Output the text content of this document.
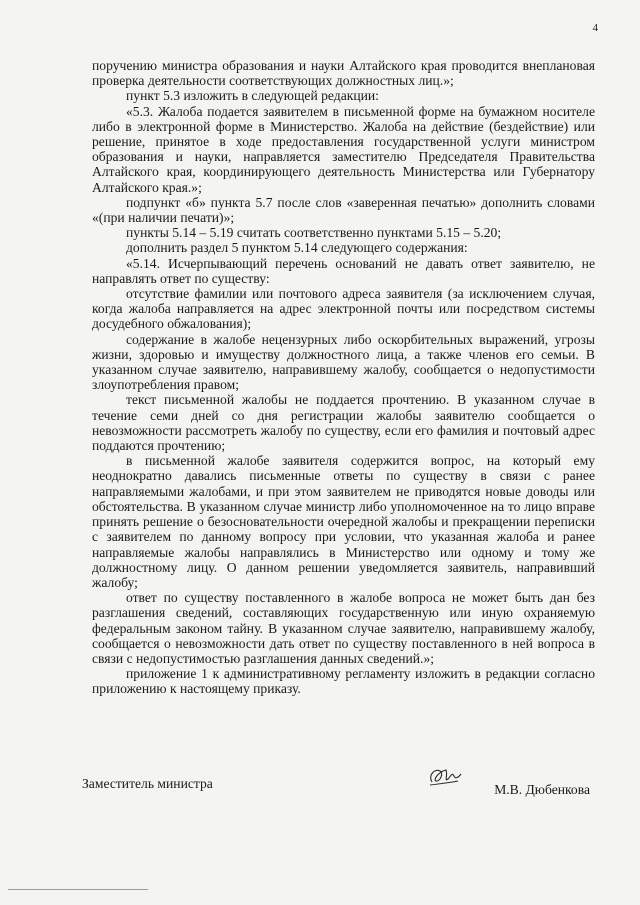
4

поручению министра образования и науки Алтайского края проводится внеплановая проверка деятельности соответствующих должностных лиц.»;

пункт 5.3 изложить в следующей редакции:

«5.3. Жалоба подается заявителем в письменной форме на бумажном носителе либо в электронной форме в Министерство. Жалоба на действие (бездействие) или решение, принятое в ходе предоставления государственной услуги министром образования и науки, направляется заместителю Председателя Правительства Алтайского края, координирующего деятельность Министерства или Губернатору Алтайского края.»;

подпункт «б» пункта 5.7 после слов «заверенная печатью» дополнить словами «(при наличии печати)»;

пункты 5.14 – 5.19 считать соответственно пунктами 5.15 – 5.20;

дополнить раздел 5 пунктом 5.14 следующего содержания:

«5.14. Исчерпывающий перечень оснований не давать ответ заявителю, не направлять ответ по существу:

отсутствие фамилии или почтового адреса заявителя (за исключением случая, когда жалоба направляется на адрес электронной почты или посредством системы досудебного обжалования);

содержание в жалобе нецензурных либо оскорбительных выражений, угрозы жизни, здоровью и имуществу должностного лица, а также членов его семьи. В указанном случае заявителю, направившему жалобу, сообщается о недопустимости злоупотребления правом;

текст письменной жалобы не поддается прочтению. В указанном случае в течение семи дней со дня регистрации жалобы заявителю сообщается о невозможности рассмотреть жалобу по существу, если его фамилия и почтовый адрес поддаются прочтению;

в письменной жалобе заявителя содержится вопрос, на который ему неоднократно давались письменные ответы по существу в связи с ранее направляемыми жалобами, и при этом заявителем не приводятся новые доводы или обстоятельства. В указанном случае министр либо уполномоченное на то лицо вправе принять решение о безосновательности очередной жалобы и прекращении переписки с заявителем по данному вопросу при условии, что указанная жалоба и ранее направляемые жалобы направлялись в Министерство или одному и тому же должностному лицу. О данном решении уведомляется заявитель, направивший жалобу;

ответ по существу поставленного в жалобе вопроса не может быть дан без разглашения сведений, составляющих государственную или иную охраняемую федеральным законом тайну. В указанном случае заявителю, направившему жалобу, сообщается о невозможности дать ответ по существу поставленного в ней вопроса в связи с недопустимостью разглашения данных сведений.»;

приложение 1 к административному регламенту изложить в редакции согласно приложению к настоящему приказу.

Заместитель министра	М.В. Дюбенкова
